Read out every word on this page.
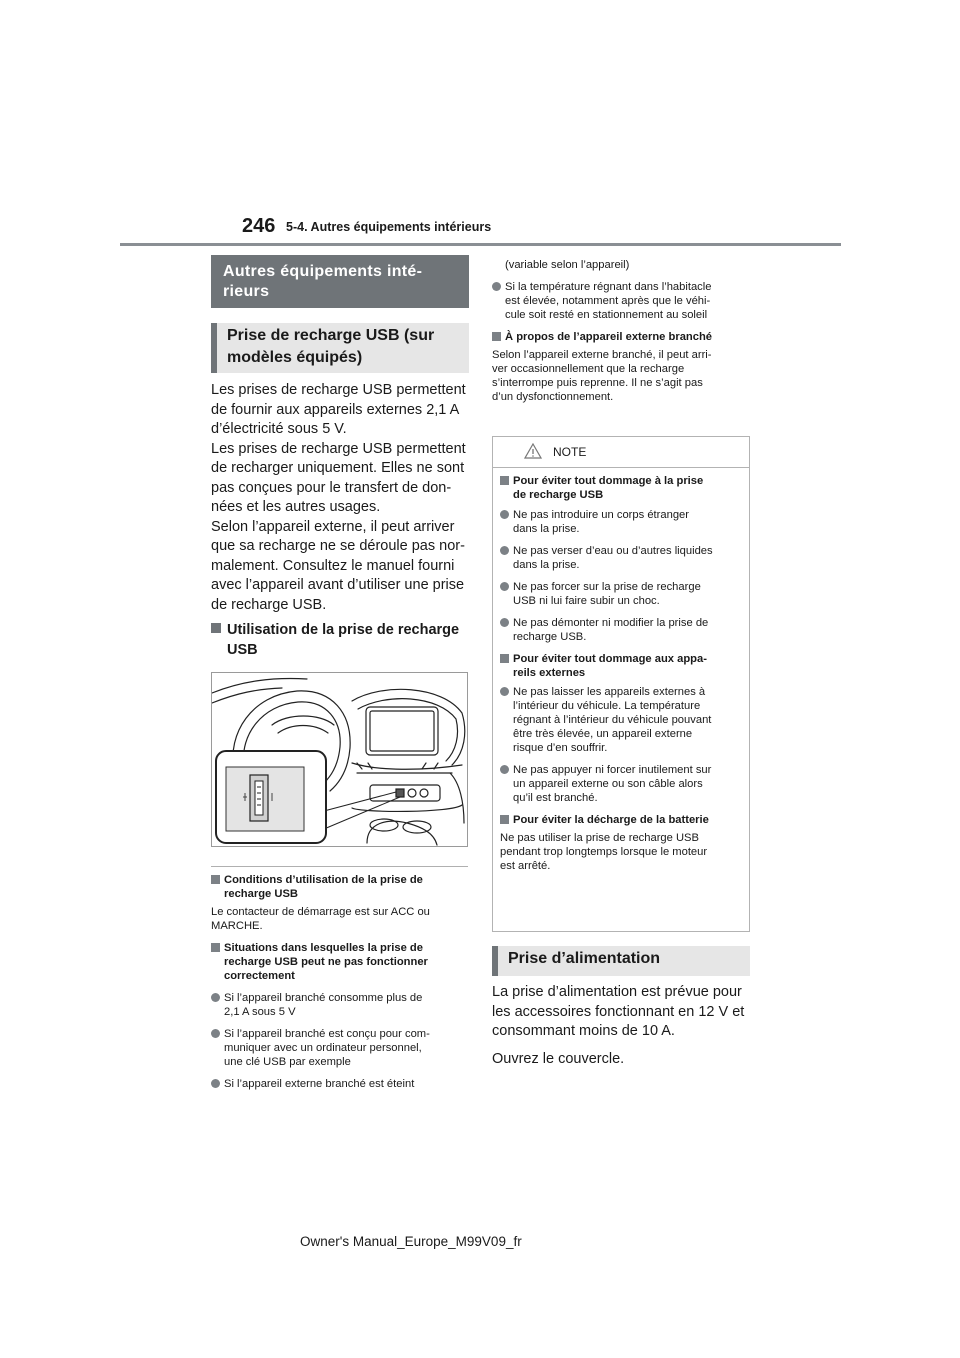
246 5-4. Autres équipements intérieurs
Autres équipements inté-
rieurs
Prise de recharge USB (sur
modèles équipés)

Les prises de recharge USB permettent

de fournir aux appareils externes 2,1 A

d’électricité sous 5 V.

Les prises de recharge USB permettent

de recharger uniquement. Elles ne sont

pas conçues pour le transfert de don-

nées et les autres usages.

Selon l’appareil externe, il peut arriver

que sa recharge ne se déroule pas nor-

malement. Consultez le manuel fourni

avec l’appareil avant d’utiliser une prise

de recharge USB.

Utilisation de la prise de recharge
USB
Conditions d’utilisation de la prise de
recharge USB
Le contacteur de démarrage est sur ACC ou
MARCHE.
Situations dans lesquelles la prise de
recharge USB peut ne pas fonctionner
correctement
Si l’appareil branché consomme plus de
2,1 A sous 5 V
Si l’appareil branché est conçu pour com-
muniquer avec un ordinateur personnel,
une clé USB par exemple
Si l’appareil externe branché est éteint
(variable selon l’appareil)
Si la température régnant dans l’habitacle
est élevée, notamment après que le véhi-
cule soit resté en stationnement au soleil
À propos de l’appareil externe branché
Selon l’appareil externe branché, il peut arri-
ver occasionnellement que la recharge
s’interrompe puis reprenne. Il ne s’agit pas
d’un dysfonctionnement.
NOTE
Pour éviter tout dommage à la prise
de recharge USB
Ne pas introduire un corps étranger
dans la prise.
Ne pas verser d’eau ou d’autres liquides
dans la prise.
Ne pas forcer sur la prise de recharge
USB ni lui faire subir un choc.
Ne pas démonter ni modifier la prise de
recharge USB.
Pour éviter tout dommage aux appa-
reils externes
Ne pas laisser les appareils externes à
l’intérieur du véhicule. La température
régnant à l’intérieur du véhicule pouvant
être très élevée, un appareil externe
risque d’en souffrir.
Ne pas appuyer ni forcer inutilement sur
un appareil externe ou son câble alors
qu’il est branché.
Pour éviter la décharge de la batterie
Ne pas utiliser la prise de recharge USB
pendant trop longtemps lorsque le moteur
est arrêté.
Prise d’alimentation

La prise d’alimentation est prévue pour
les accessoires fonctionnant en 12 V et
consommant moins de 10 A.

Ouvrez le couvercle.

Owner's Manual_Europe_M99V09_fr
